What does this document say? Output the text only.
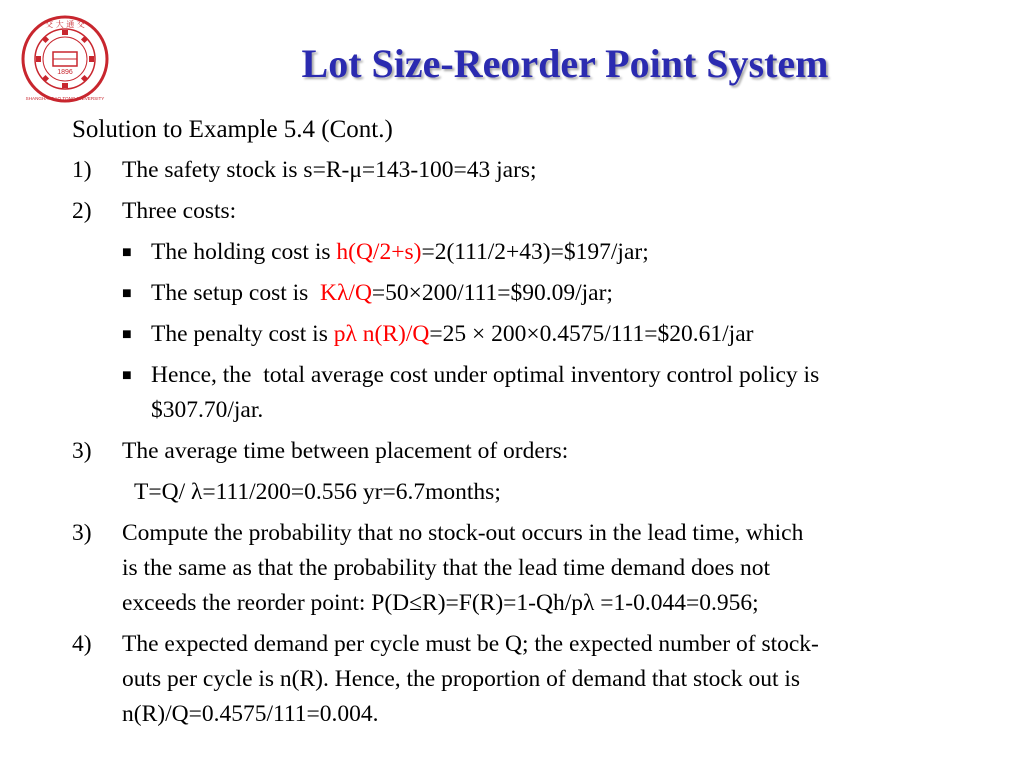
1896
交 大 通 交
SHANGHAI JIAO TONG UNIVERSITY
Lot Size-Reorder Point System
Solution to Example 5.4 (Cont.)
1) The safety stock is s=R-μ=143-100=43 jars;
2) Three costs:
■ The holding cost is h(Q/2+s)=2(111/2+43)=$197/jar;
■ The setup cost is  Kλ/Q=50×200/111=$90.09/jar;
■ The penalty cost is pλ n(R)/Q=25 × 200×0.4575/111=$20.61/jar
■ Hence, the  total average cost under optimal inventory control policy is
$307.70/jar.
3) The average time between placement of orders:
T=Q/ λ=111/200=0.556 yr=6.7months;
3) Compute the probability that no stock-out occurs in the lead time, which
is the same as that the probability that the lead time demand does not
exceeds the reorder point: P(D≤R)=F(R)=1-Qh/pλ =1-0.044=0.956;
4) The expected demand per cycle must be Q; the expected number of stock-
outs per cycle is n(R). Hence, the proportion of demand that stock out is
n(R)/Q=0.4575/111=0.004.
